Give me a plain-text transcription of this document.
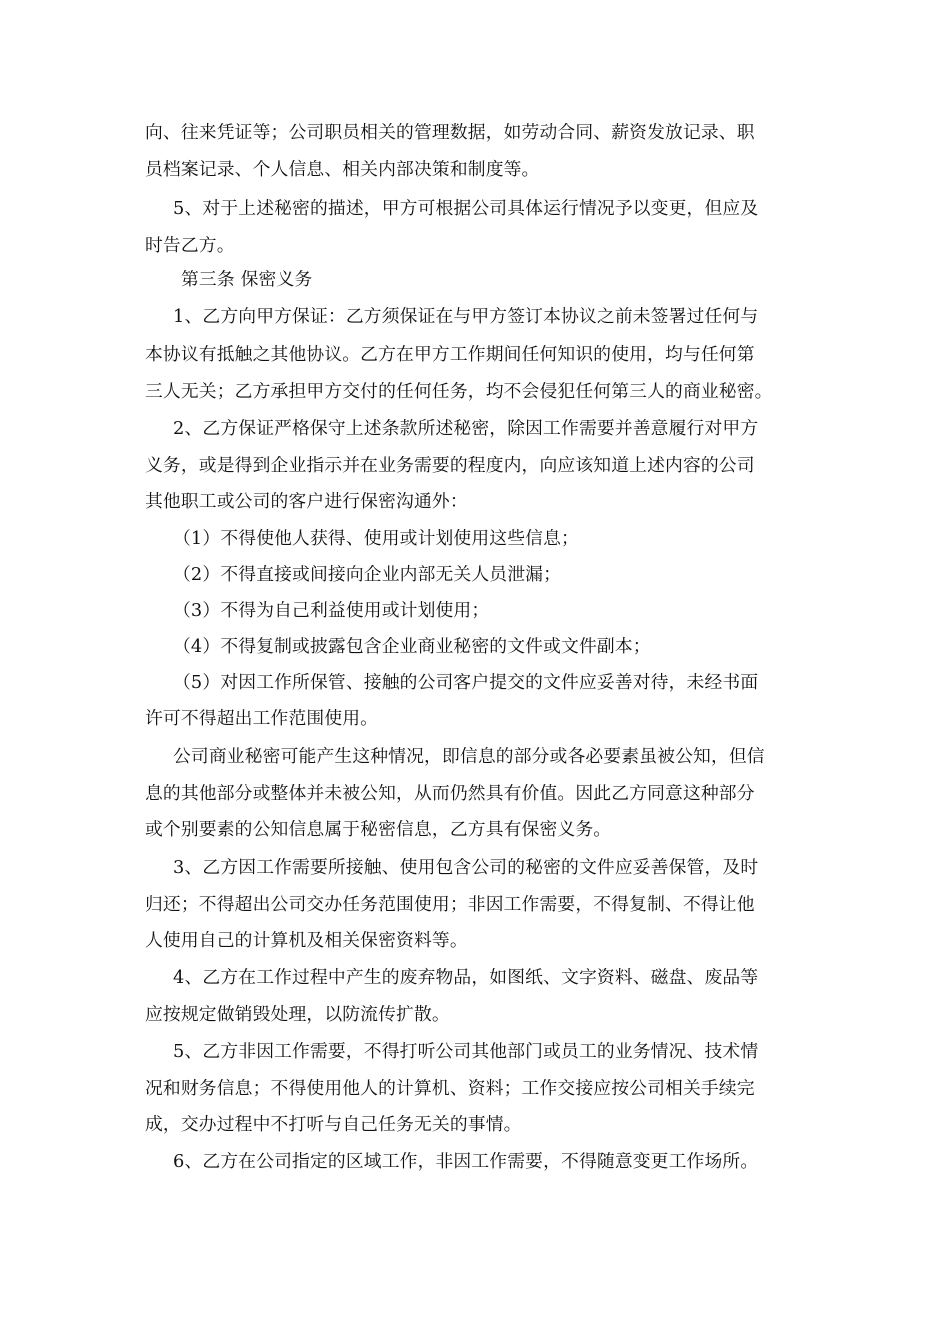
向、往来凭证等；公司职员相关的管理数据，如劳动合同、薪资发放记录、职
员档案记录、个人信息、相关内部决策和制度等。
5、对于上述秘密的描述，甲方可根据公司具体运行情况予以变更，但应及
时告乙方。
第三条 保密义务
1、乙方向甲方保证：乙方须保证在与甲方签订本协议之前未签署过任何与
本协议有抵触之其他协议。乙方在甲方工作期间任何知识的使用，均与任何第
三人无关；乙方承担甲方交付的任何任务，均不会侵犯任何第三人的商业秘密。
2、乙方保证严格保守上述条款所述秘密，除因工作需要并善意履行对甲方
义务，或是得到企业指示并在业务需要的程度内，向应该知道上述内容的公司
其他职工或公司的客户进行保密沟通外：
（1）不得使他人获得、使用或计划使用这些信息；
（2）不得直接或间接向企业内部无关人员泄漏；
（3）不得为自己利益使用或计划使用；
（4）不得复制或披露包含企业商业秘密的文件或文件副本；
（5）对因工作所保管、接触的公司客户提交的文件应妥善对待，未经书面
许可不得超出工作范围使用。
公司商业秘密可能产生这种情况，即信息的部分或各必要素虽被公知，但信
息的其他部分或整体并未被公知，从而仍然具有价值。因此乙方同意这种部分
或个别要素的公知信息属于秘密信息，乙方具有保密义务。
3、乙方因工作需要所接触、使用包含公司的秘密的文件应妥善保管，及时
归还；不得超出公司交办任务范围使用；非因工作需要，不得复制、不得让他
人使用自己的计算机及相关保密资料等。
4、乙方在工作过程中产生的废弃物品，如图纸、文字资料、磁盘、废品等
应按规定做销毁处理，以防流传扩散。
5、乙方非因工作需要，不得打听公司其他部门或员工的业务情况、技术情
况和财务信息；不得使用他人的计算机、资料；工作交接应按公司相关手续完
成，交办过程中不打听与自己任务无关的事情。
6、乙方在公司指定的区域工作，非因工作需要，不得随意变更工作场所。
